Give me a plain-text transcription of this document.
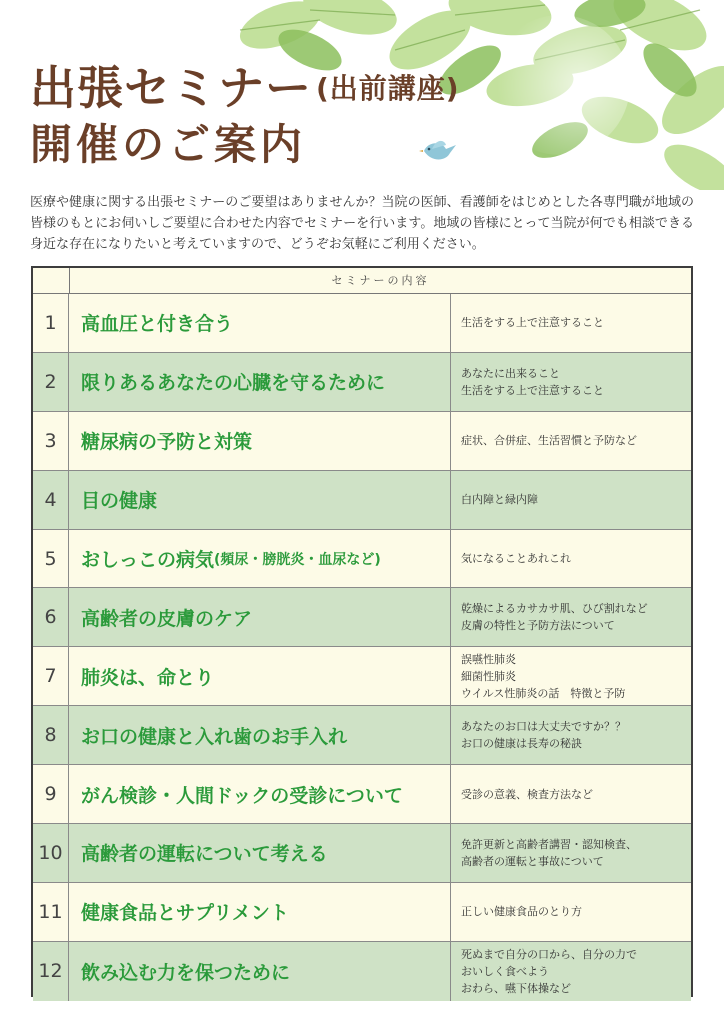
出張セミナー (出前講座)
開催のご案内
医療や健康に関する出張セミナーのご要望はありませんか？当院の医師、看護師をはじめとした各専門職が地域の皆様のもとにお伺いしご要望に合わせた内容でセミナーを行います。地域の皆様にとって当院が何でも相談できる身近な存在になりたいと考えていますので、どうぞお気軽にご利用ください。
セミナーの内容
1	高血圧と付き合う	生活をする上で注意すること
2	限りあるあなたの心臓を守るために	あなたに出来ること
生活をする上で注意すること
3	糖尿病の予防と対策	症状、合併症、生活習慣と予防など
4	目の健康	白内障と緑内障
5	おしっこの病気 (頻尿・膀胱炎・血尿など)	気になることあれこれ
6	高齢者の皮膚のケア	乾燥によるカサカサ肌、ひび割れなど
皮膚の特性と予防方法について
7	肺炎は、命とり
誤嚥性肺炎
細菌性肺炎
ウイルス性肺炎の話　特徴と予防
8	お口の健康と入れ歯のお手入れ	あなたのお口は大丈夫ですか？？
お口の健康は長寿の秘訣
9	がん検診・人間ドックの受診について	受診の意義、検査方法など
10 高齢者の運転について考える	免許更新と高齢者講習・認知検査、
高齢者の運転と事故について
11 健康食品とサプリメント	正しい健康食品のとり方
12 飲み込む力を保つために
死ぬまで自分の口から、自分の力で
おいしく食べよう
おわら、嚥下体操など
